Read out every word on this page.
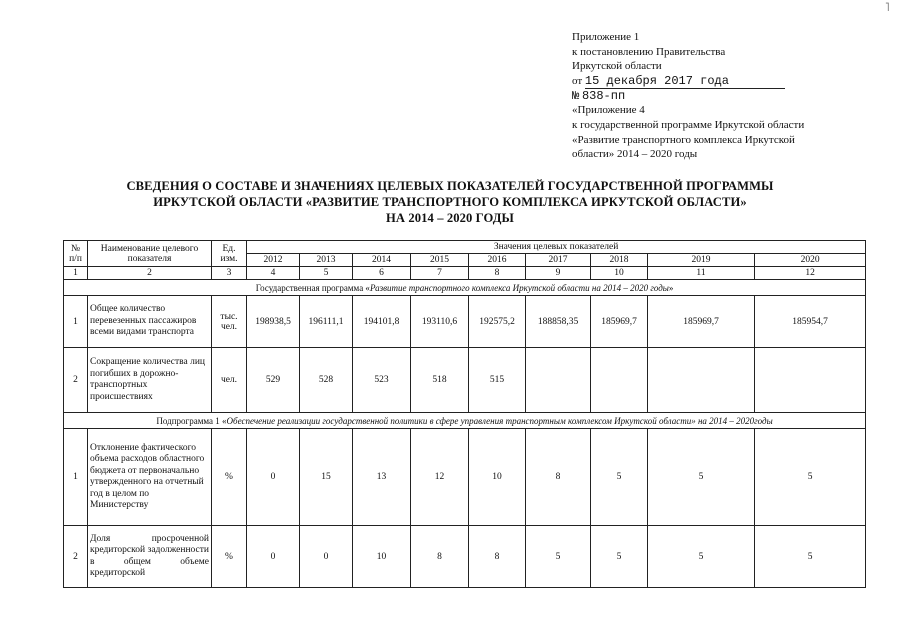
˥
Приложение 1
к постановлению Правительства
Иркутской области
от 15 декабря 2017 года
№ 838-пп
«Приложение 4
к государственной программе Иркутской области
«Развитие транспортного комплекса Иркутской
области» 2014 – 2020 годы
СВЕДЕНИЯ О СОСТАВЕ И ЗНАЧЕНИЯХ ЦЕЛЕВЫХ ПОКАЗАТЕЛЕЙ ГОСУДАРСТВЕННОЙ ПРОГРАММЫ
ИРКУТСКОЙ ОБЛАСТИ «РАЗВИТИЕ ТРАНСПОРТНОГО КОМПЛЕКСА ИРКУТСКОЙ ОБЛАСТИ»
НА 2014 – 2020 ГОДЫ
№ п/п	Наименование целевого показателя	Ед. изм.	Значения целевых показателей								
			2012	2013	2014	2015	2016	2017	2018	2019	2020
1	2	3	4	5	6	7	8	9	10	11	12
Государственная программа «Развитие транспортного комплекса Иркутской области на 2014 – 2020 годы»											
1	Общее количество перевезенных пассажиров всеми видами транспорта	тыс. чел.	198938,5	196111,1	194101,8	193110,6	192575,2	188858,35	185969,7	185969,7	185954,7
2	Сокращение количества лиц погибших в дорожно-транспортных происшествиях	чел.	529	528	523	518	515				
Подпрограмма 1 «Обеспечение реализации государственной политики в сфере управления транспортным комплексом Иркутской области» на 2014 – 2020годы											
1	Отклонение фактического объема расходов областного бюджета от первоначально утвержденного на отчетный год в целом по Министерству	%	0	15	13	12	10	8	5	5	5
2	Доля просроченной кредиторской задолженности в общем объеме кредиторской	%	0	0	10	8	8	5	5	5	5
